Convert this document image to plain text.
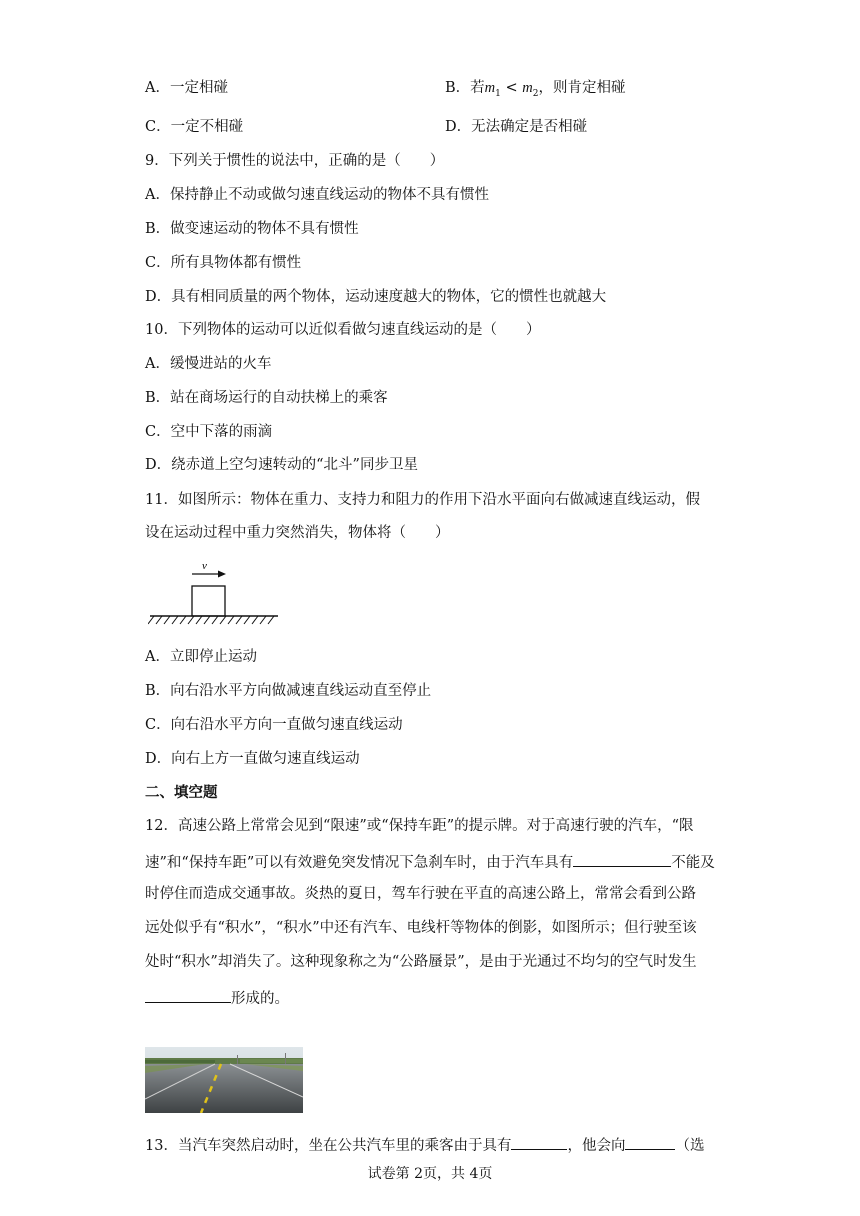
A．一定相碰	B．若$m_1 < m_2$，则肯定相碰
C．一定不相碰	D．无法确定是否相碰
9．下列关于惯性的说法中，正确的是（　　）
A．保持静止不动或做匀速直线运动的物体不具有惯性
B．做变速运动的物体不具有惯性
C．所有具物体都有惯性
D．具有相同质量的两个物体，运动速度越大的物体，它的惯性也就越大
10．下列物体的运动可以近似看做匀速直线运动的是（　　）
A．缓慢进站的火车
B．站在商场运行的自动扶梯上的乘客
C．空中下落的雨滴
D．绕赤道上空匀速转动的“北斗”同步卫星
11．如图所示：物体在重力、支持力和阻力的作用下沿水平面向右做减速直线运动，假
设在运动过程中重力突然消失，物体将（　　）
v
A．立即停止运动
B．向右沿水平方向做减速直线运动直至停止
C．向右沿水平方向一直做匀速直线运动
D．向右上方一直做匀速直线运动
二、填空题
12．高速公路上常常会见到“限速”或“保持车距”的提示牌。对于高速行驶的汽车，“限
速”和“保持车距”可以有效避免突发情况下急刹车时，由于汽车具有	不能及
时停住而造成交通事故。炎热的夏日，驾车行驶在平直的高速公路上，常常会看到公路
远处似乎有“积水”，“积水”中还有汽车、电线杆等物体的倒影，如图所示；但行驶至该
处时“积水”却消失了。这种现象称之为“公路蜃景”，是由于光通过不均匀的空气时发生
形成的。
13．当汽车突然启动时，坐在公共汽车里的乘客由于具有	，他会向	（选
试卷第 2页，共 4页
